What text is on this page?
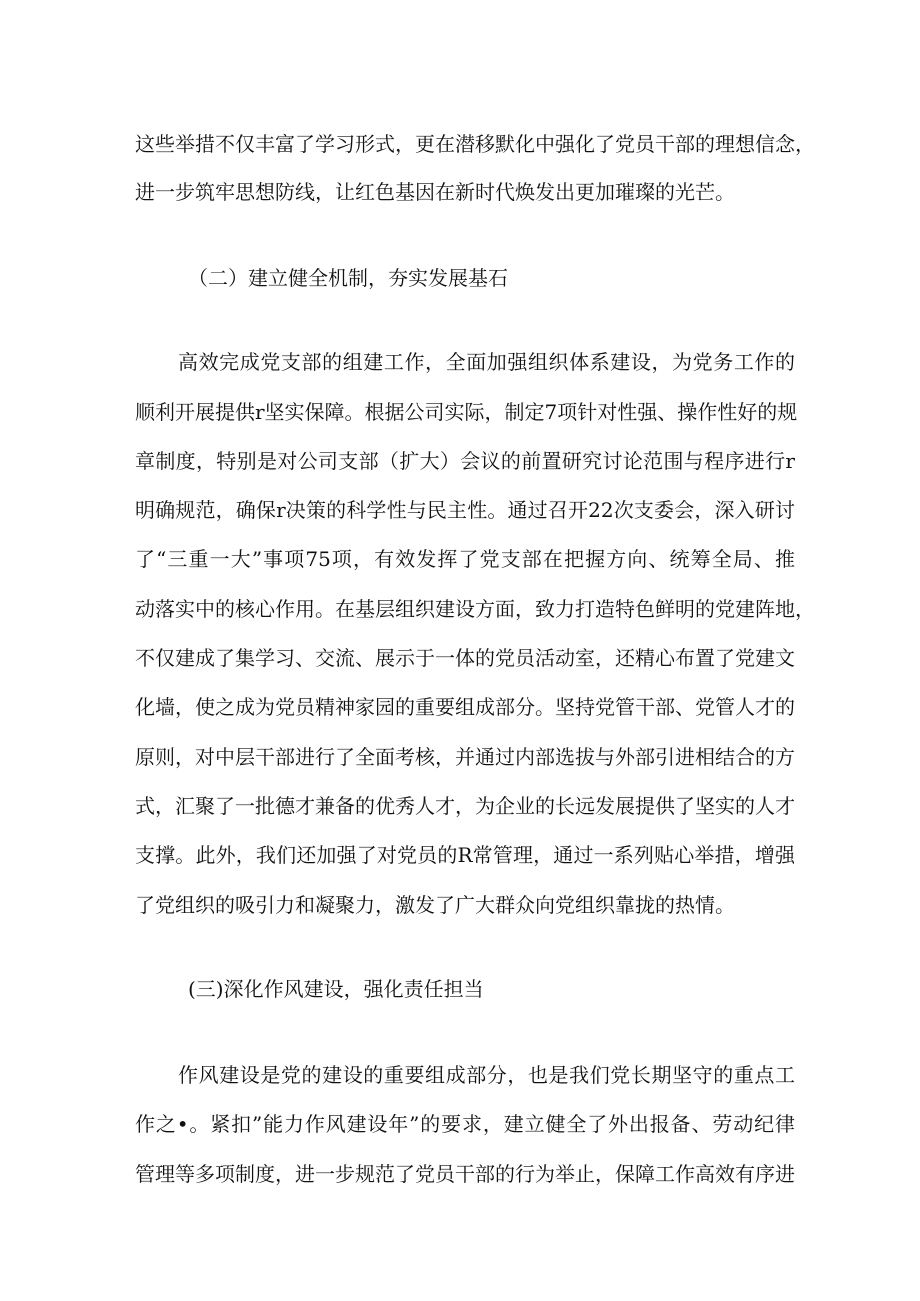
这些举措不仅丰富了学习形式，更在潜移默化中强化了党员干部的理想信念，
进一步筑牢思想防线，让红色基因在新时代焕发出更加璀璨的光芒。
（二）建立健全机制，夯实发展基石
高效完成党支部的组建工作，全面加强组织体系建设，为党务工作的
顺利开展提供r坚实保障。根据公司实际，制定7项针对性强、操作性好的规
章制度，特别是对公司支部（扩大）会议的前置研究讨论范围与程序进行r
明确规范，确保r决策的科学性与民主性。通过召开22次支委会，深入研讨
了“三重一大”事项75项，有效发挥了党支部在把握方向、统筹全局、推
动落实中的核心作用。在基层组织建设方面，致力打造特色鲜明的党建阵地，
不仅建成了集学习、交流、展示于一体的党员活动室，还精心布置了党建文
化墙，使之成为党员精神家园的重要组成部分。坚持党管干部、党管人才的
原则，对中层干部进行了全面考核，并通过内部选拔与外部引进相结合的方
式，汇聚了一批德才兼备的优秀人才，为企业的长远发展提供了坚实的人才
支撑。此外，我们还加强了对党员的R常管理，通过一系列贴心举措，增强
了党组织的吸引力和凝聚力，激发了广大群众向党组织靠拢的热情。
(三)深化作风建设，强化责任担当
作风建设是党的建设的重要组成部分，也是我们党长期坚守的重点工
作之•。紧扣”能力作风建设年”的要求，建立健全了外出报备、劳动纪律
管理等多项制度，进一步规范了党员干部的行为举止，保障工作高效有序进
